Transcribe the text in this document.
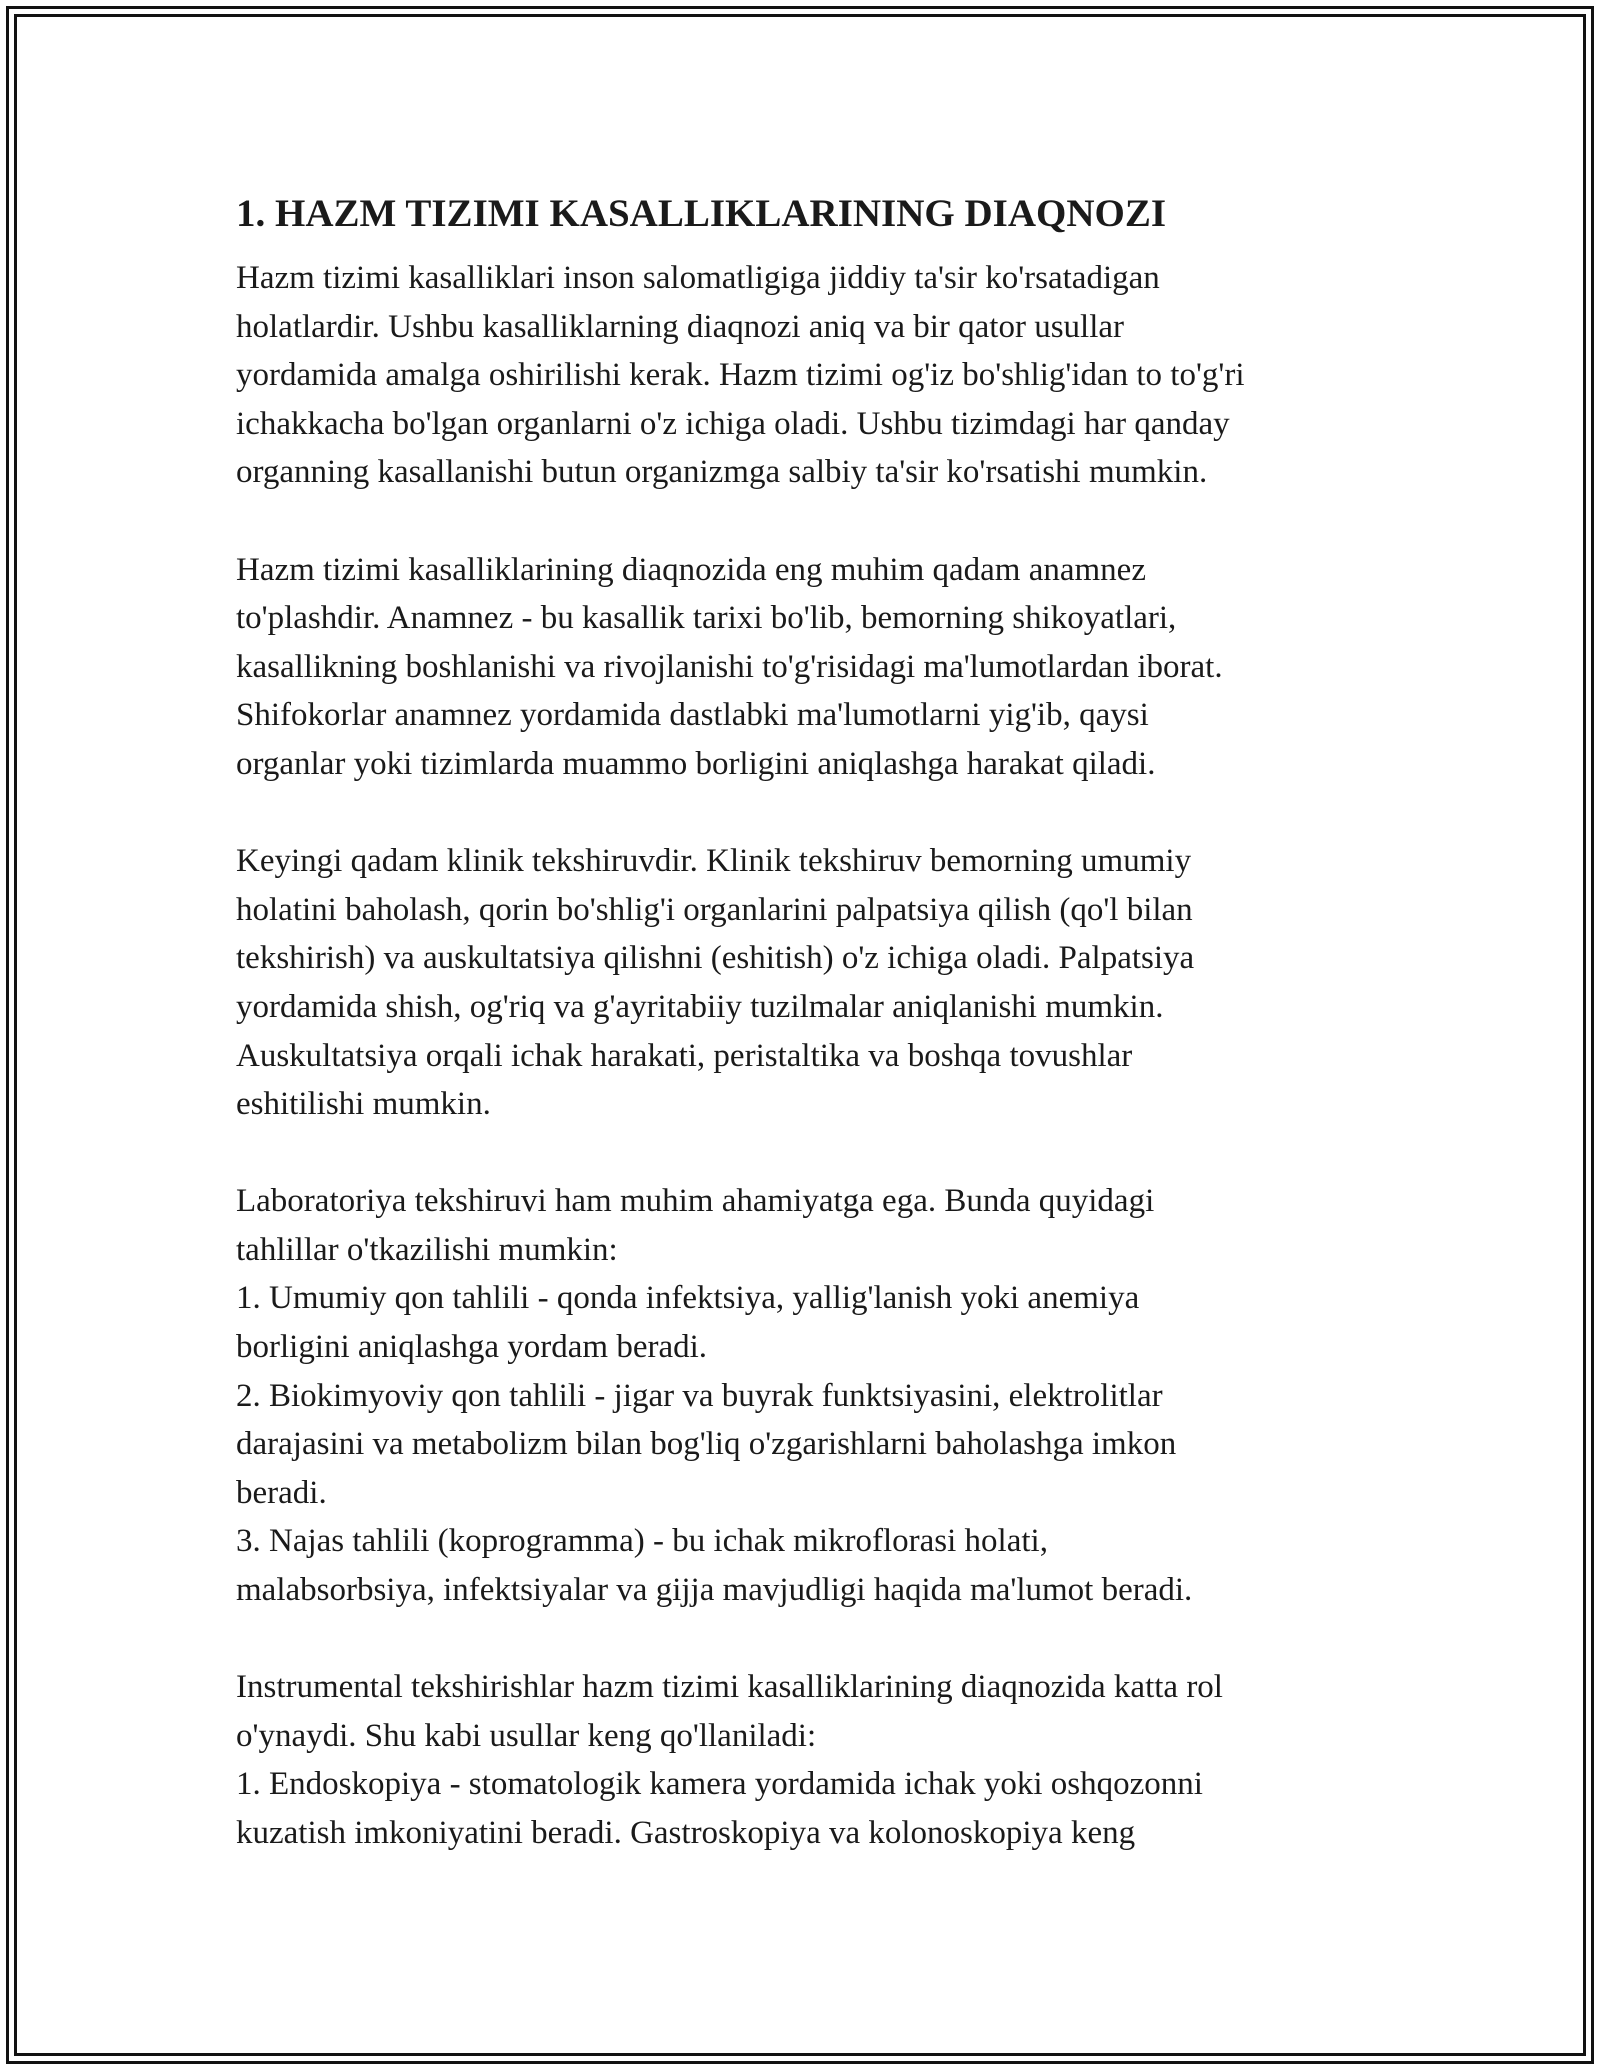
1. HAZM TIZIMI KASALLIKLARINING DIAQNOZI
Hazm tizimi kasalliklari inson salomatligiga jiddiy ta'sir ko'rsatadigan
holatlardir. Ushbu kasalliklarning diaqnozi aniq va bir qator usullar
yordamida amalga oshirilishi kerak. Hazm tizimi og'iz bo'shlig'idan to to'g'ri
ichakkacha bo'lgan organlarni o'z ichiga oladi. Ushbu tizimdagi har qanday
organning kasallanishi butun organizmga salbiy ta'sir ko'rsatishi mumkin.
Hazm tizimi kasalliklarining diaqnozida eng muhim qadam anamnez
to'plashdir. Anamnez - bu kasallik tarixi bo'lib, bemorning shikoyatlari,
kasallikning boshlanishi va rivojlanishi to'g'risidagi ma'lumotlardan iborat.
Shifokorlar anamnez yordamida dastlabki ma'lumotlarni yig'ib, qaysi
organlar yoki tizimlarda muammo borligini aniqlashga harakat qiladi.
Keyingi qadam klinik tekshiruvdir. Klinik tekshiruv bemorning umumiy
holatini baholash, qorin bo'shlig'i organlarini palpatsiya qilish (qo'l bilan
tekshirish) va auskultatsiya qilishni (eshitish) o'z ichiga oladi. Palpatsiya
yordamida shish, og'riq va g'ayritabiiy tuzilmalar aniqlanishi mumkin.
Auskultatsiya orqali ichak harakati, peristaltika va boshqa tovushlar
eshitilishi mumkin.
Laboratoriya tekshiruvi ham muhim ahamiyatga ega. Bunda quyidagi
tahlillar o'tkazilishi mumkin:
1. Umumiy qon tahlili - qonda infektsiya, yallig'lanish yoki anemiya
borligini aniqlashga yordam beradi.
2. Biokimyoviy qon tahlili - jigar va buyrak funktsiyasini, elektrolitlar
darajasini va metabolizm bilan bog'liq o'zgarishlarni baholashga imkon
beradi.
3. Najas tahlili (koprogramma) - bu ichak mikroflorasi holati,
malabsorbsiya, infektsiyalar va gijja mavjudligi haqida ma'lumot beradi.
Instrumental tekshirishlar hazm tizimi kasalliklarining diaqnozida katta rol
o'ynaydi. Shu kabi usullar keng qo'llaniladi:
1. Endoskopiya - stomatologik kamera yordamida ichak yoki oshqozonni
kuzatish imkoniyatini beradi. Gastroskopiya va kolonoskopiya keng
